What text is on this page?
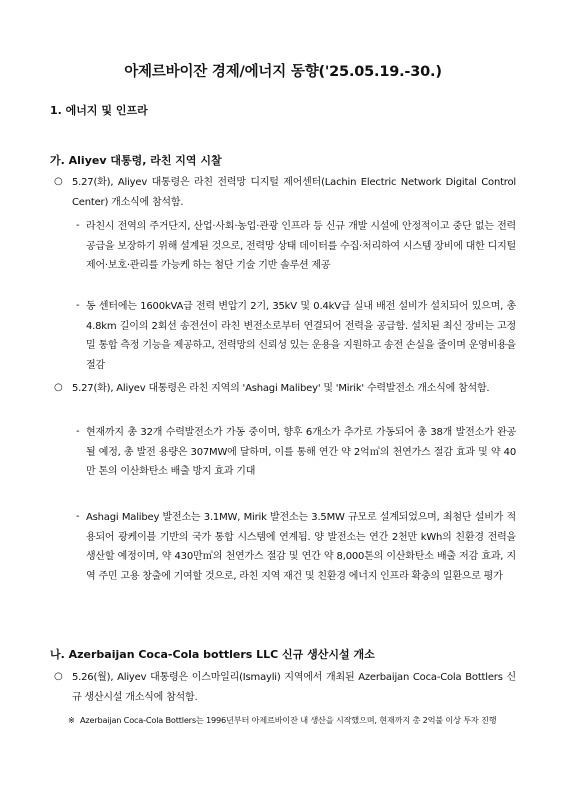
아제르바이잔 경제/에너지 동향('25.05.19.-30.)
1. 에너지 및 인프라
가. Aliyev 대통령, 라친 지역 시찰
○ 5.27(화), Aliyev 대통령은 라친 전력망 디지털 제어센터(Lachin Electric Network Digital Control Center) 개소식에 참석함.
- 라친시 전역의 주거단지, 산업·사회·농업·관광 인프라 등 신규 개발 시설에 안정적이고 중단 없는 전력 공급을 보장하기 위해 설계된 것으로, 전력망 상태 데이터를 수집·처리하여 시스템 장비에 대한 디지털 제어·보호·관리를 가능케 하는 첨단 기술 기반 솔루션 제공
- 동 센터에는 1600kVA급 전력 변압기 2기, 35kV 및 0.4kV급 실내 배전 설비가 설치되어 있으며, 총 4.8km 길이의 2회선 송전선이 라친 변전소로부터 연결되어 전력을 공급함. 설치된 최신 장비는 고정밀 통합 측정 기능을 제공하고, 전력망의 신뢰성 있는 운용을 지원하고 송전 손실을 줄이며 운영비용을 절감
○ 5.27(화), Aliyev 대통령은 라친 지역의 'Ashagi Malibey' 및 'Mirik' 수력발전소 개소식에 참석함.
- 현재까지 총 32개 수력발전소가 가동 중이며, 향후 6개소가 추가로 가동되어 총 38개 발전소가 완공될 예정, 총 발전 용량은 307MW에 달하며, 이를 통해 연간 약 2억㎥의 천연가스 절감 효과 및 약 40만 톤의 이산화탄소 배출 방지 효과 기대
- Ashagi Malibey 발전소는 3.1MW, Mirik 발전소는 3.5MW 규모로 설계되었으며, 최첨단 설비가 적용되어 광케이블 기반의 국가 통합 시스템에 연계됨. 양 발전소는 연간 2천만 kWh의 친환경 전력을 생산할 예정이며, 약 430만㎥의 천연가스 절감 및 연간 약 8,000톤의 이산화탄소 배출 저감 효과, 지역 주민 고용 창출에 기여할 것으로, 라친 지역 재건 및 친환경 에너지 인프라 확충의 일환으로 평가
나. Azerbaijan Coca-Cola bottlers LLC 신규 생산시설 개소
○ 5.26(월), Aliyev 대통령은 이스마일리(Ismayli) 지역에서 개최된 Azerbaijan Coca-Cola Bottlers 신규 생산시설 개소식에 참석함.
※ Azerbaijan Coca-Cola Bottlers는 1996년부터 아제르바이잔 내 생산을 시작했으며, 현재까지 총 2억불 이상 투자 진행
